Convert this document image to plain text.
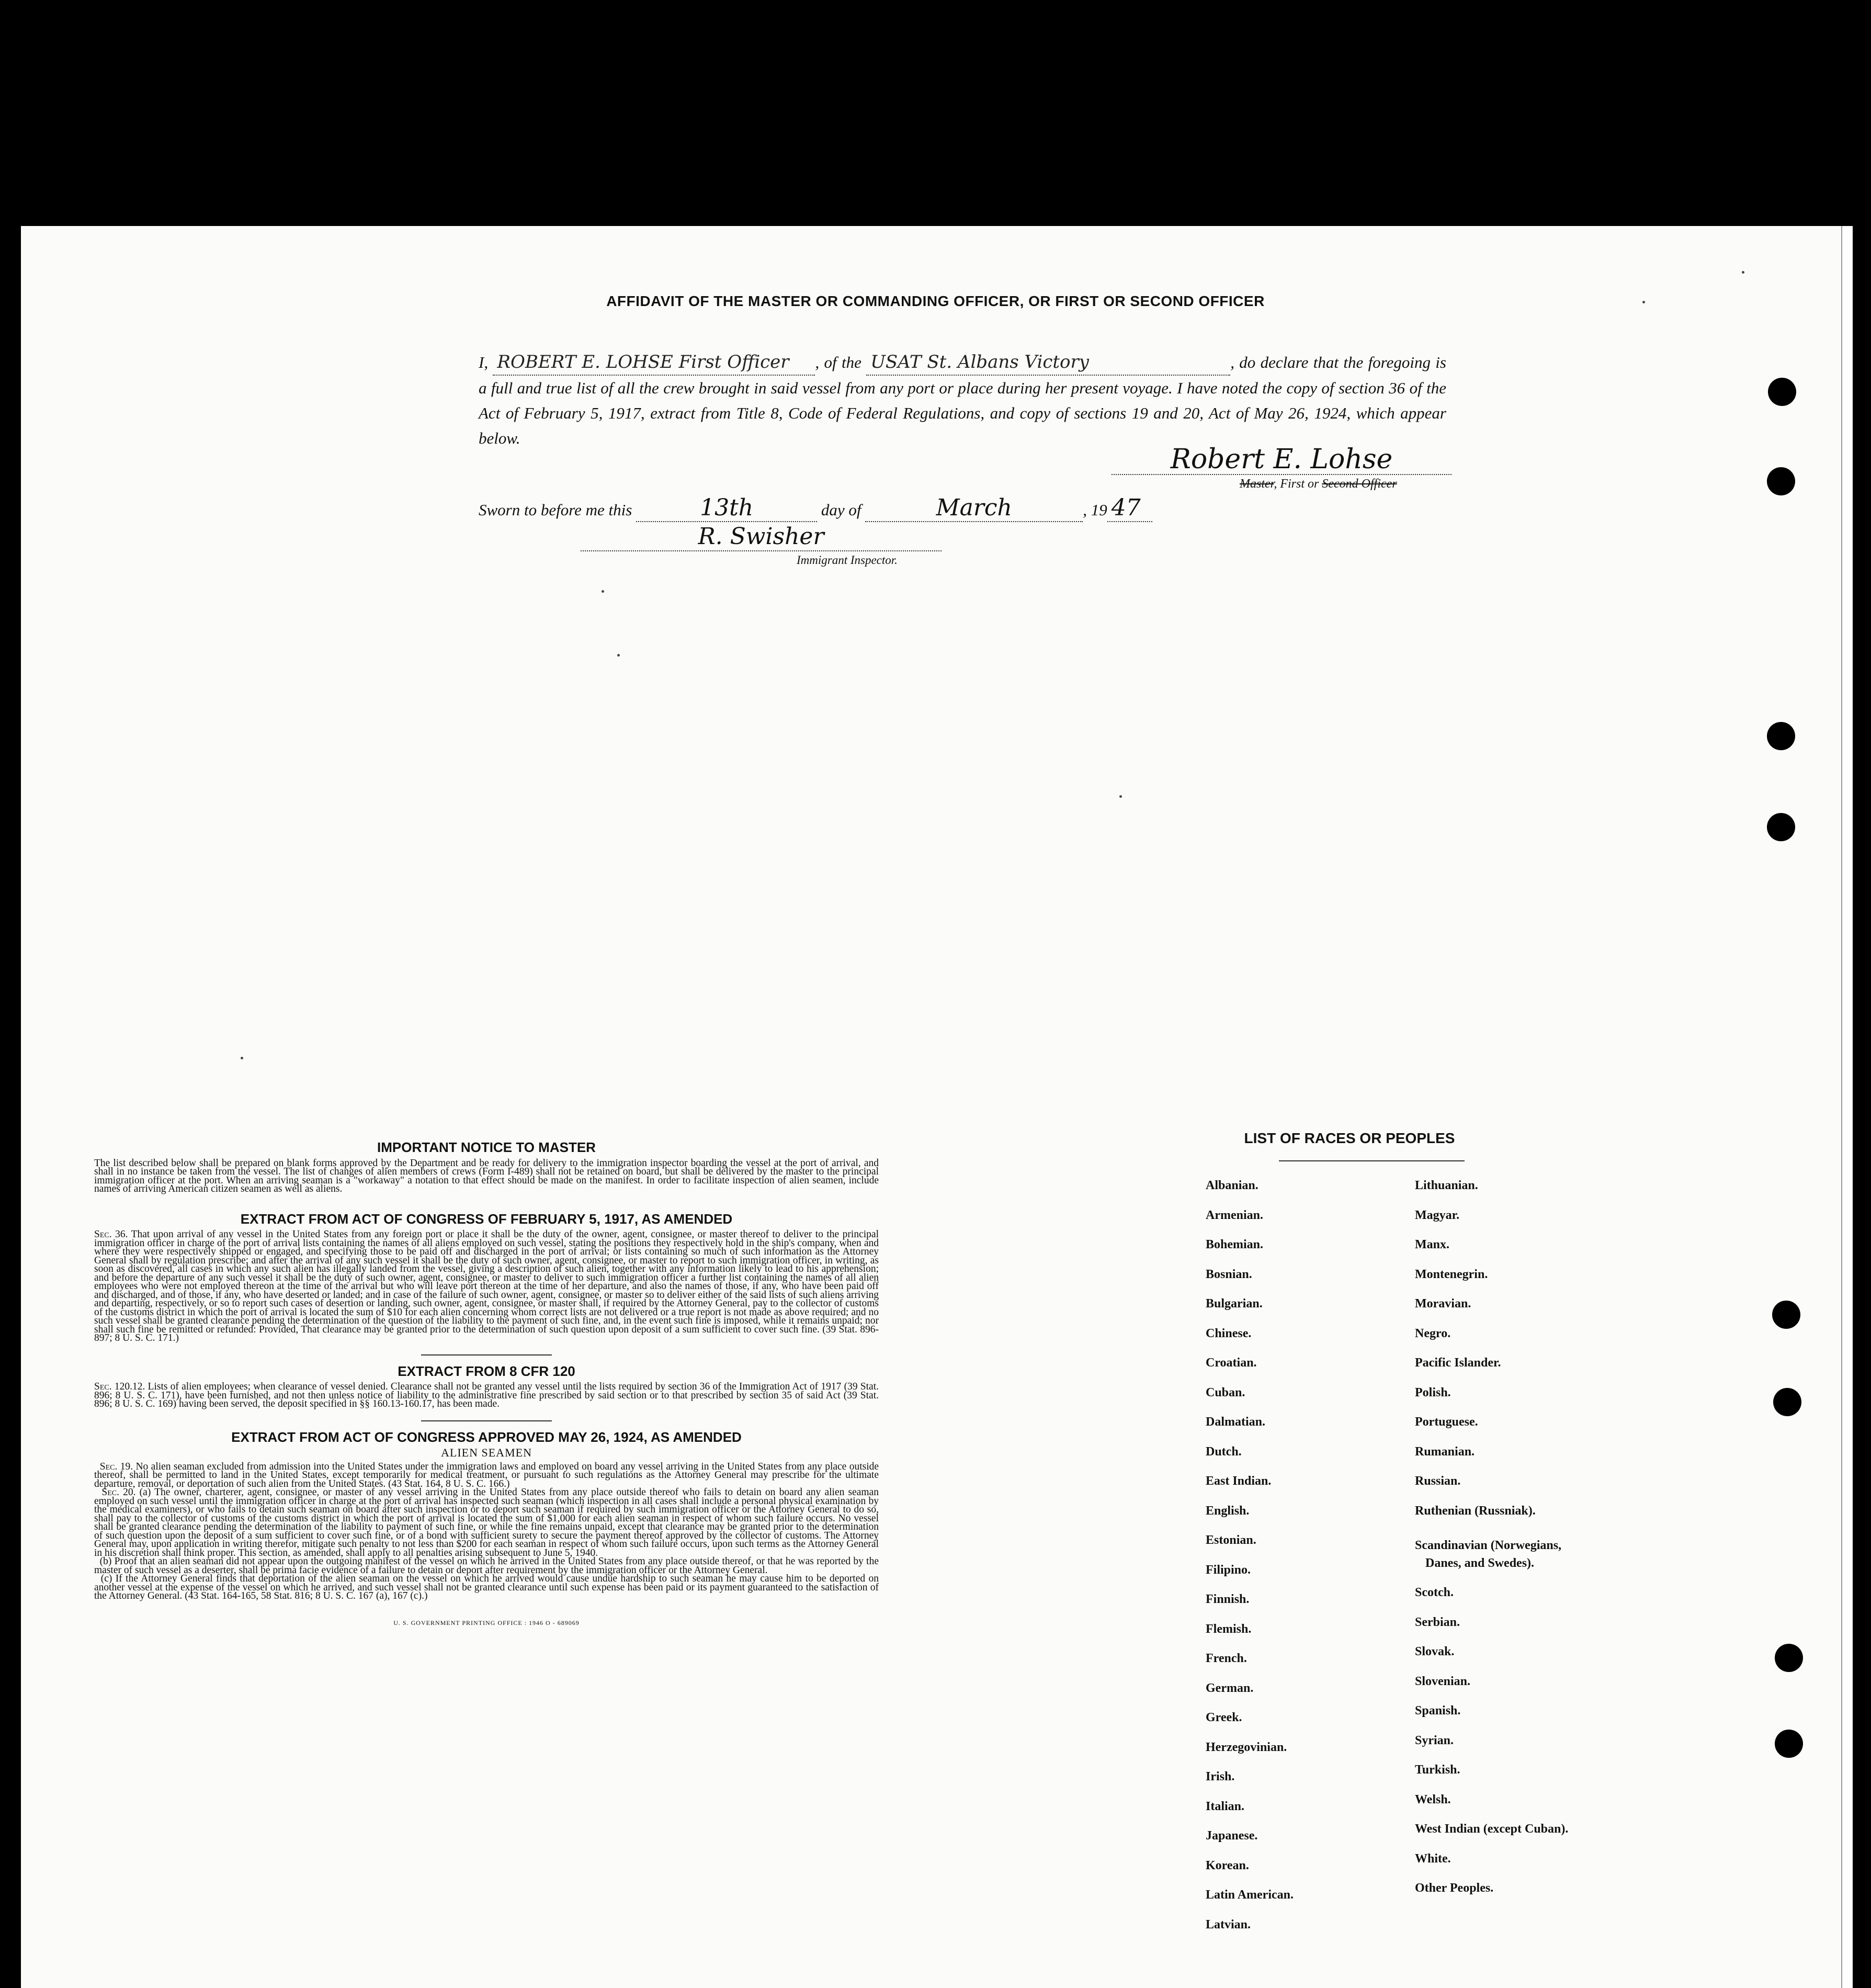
AFFIDAVIT OF THE MASTER OR COMMANDING OFFICER, OR FIRST OR SECOND OFFICER
I, ROBERT E. LOHSE First Officer , of the USAT St. Albans Victory	, do declare that the foregoing is a full and true list of all the crew brought in said vessel from any port or place during her present voyage. I have noted the copy of section 36 of the Act of February 5, 1917, extract from Title 8, Code of Federal Regulations, and copy of sections 19 and 20, Act of May 26, 1924, which appear below.
Robert E. Lohse
Master, First or Second Officer
Sworn to before me this	13th	day of	March	, 19 47
R. Swisher
Immigrant Inspector.
IMPORTANT NOTICE TO MASTER

The list described below shall be prepared on blank forms approved by the Department and be ready for delivery to the immigration inspector boarding the vessel at the port of arrival, and shall in no instance be taken from the vessel. The list of changes of alien members of crews (Form I-489) shall not be retained on board, but shall be delivered by the master to the principal immigration officer at the port. When an arriving seaman is a "workaway" a notation to that effect should be made on the manifest. In order to facilitate inspection of alien seamen, include names of arriving American citizen seamen as well as aliens.

EXTRACT FROM ACT OF CONGRESS OF FEBRUARY 5, 1917, AS AMENDED

Sec. 36. That upon arrival of any vessel in the United States from any foreign port or place it shall be the duty of the owner, agent, consignee, or master thereof to deliver to the principal immigration officer in charge of the port of arrival lists containing the names of all aliens employed on such vessel, stating the positions they respectively hold in the ship's company, when and where they were respectively shipped or engaged, and specifying those to be paid off and discharged in the port of arrival; or lists containing so much of such information as the Attorney General shall by regulation prescribe; and after the arrival of any such vessel it shall be the duty of such owner, agent, consignee, or master to report to such immigration officer, in writing, as soon as discovered, all cases in which any such alien has illegally landed from the vessel, giving a description of such alien, together with any information likely to lead to his apprehension; and before the departure of any such vessel it shall be the duty of such owner, agent, consignee, or master to deliver to such immigration officer a further list containing the names of all alien employees who were not employed thereon at the time of the arrival but who will leave port thereon at the time of her departure, and also the names of those, if any, who have been paid off and discharged, and of those, if any, who have deserted or landed; and in case of the failure of such owner, agent, consignee, or master so to deliver either of the said lists of such aliens arriving and departing, respectively, or so to report such cases of desertion or landing, such owner, agent, consignee, or master shall, if required by the Attorney General, pay to the collector of customs of the customs district in which the port of arrival is located the sum of $10 for each alien concerning whom correct lists are not delivered or a true report is not made as above required; and no such vessel shall be granted clearance pending the determination of the question of the liability to the payment of such fine, and, in the event such fine is imposed, while it remains unpaid; nor shall such fine be remitted or refunded: Provided, That clearance may be granted prior to the determination of such question upon deposit of a sum sufficient to cover such fine. (39 Stat. 896-897; 8 U. S. C. 171.)

EXTRACT FROM 8 CFR 120

Sec. 120.12. Lists of alien employees; when clearance of vessel denied. Clearance shall not be granted any vessel until the lists required by section 36 of the Immigration Act of 1917 (39 Stat. 896; 8 U. S. C. 171), have been furnished, and not then unless notice of liability to the administrative fine prescribed by said section or to that prescribed by section 35 of said Act (39 Stat. 896; 8 U. S. C. 169) having been served, the deposit specified in §§ 160.13-160.17, has been made.

EXTRACT FROM ACT OF CONGRESS APPROVED MAY 26, 1924, AS AMENDED
ALIEN SEAMEN

Sec. 19. No alien seaman excluded from admission into the United States under the immigration laws and employed on board any vessel arriving in the United States from any place outside thereof, shall be permitted to land in the United States, except temporarily for medical treatment, or pursuant to such regulations as the Attorney General may prescribe for the ultimate departure, removal, or deportation of such alien from the United States. (43 Stat. 164, 8 U. S. C. 166.)

Sec. 20. (a) The owner, charterer, agent, consignee, or master of any vessel arriving in the United States from any place outside thereof who fails to detain on board any alien seaman employed on such vessel until the immigration officer in charge at the port of arrival has inspected such seaman (which inspection in all cases shall include a personal physical examination by the medical examiners), or who fails to detain such seaman on board after such inspection or to deport such seaman if required by such immigration officer or the Attorney General to do so, shall pay to the collector of customs of the customs district in which the port of arrival is located the sum of $1,000 for each alien seaman in respect of whom such failure occurs. No vessel shall be granted clearance pending the determination of the liability to payment of such fine, or while the fine remains unpaid, except that clearance may be granted prior to the determination of such question upon the deposit of a sum sufficient to cover such fine, or of a bond with sufficient surety to secure the payment thereof approved by the collector of customs. The Attorney General may, upon application in writing therefor, mitigate such penalty to not less than $200 for each seaman in respect of whom such failure occurs, upon such terms as the Attorney General in his discretion shall think proper. This section, as amended, shall apply to all penalties arising subsequent to June 5, 1940.

(b) Proof that an alien seaman did not appear upon the outgoing manifest of the vessel on which he arrived in the United States from any place outside thereof, or that he was reported by the master of such vessel as a deserter, shall be prima facie evidence of a failure to detain or deport after requirement by the immigration officer or the Attorney General.

(c) If the Attorney General finds that deportation of the alien seaman on the vessel on which he arrived would cause undue hardship to such seaman he may cause him to be deported on another vessel at the expense of the vessel on which he arrived, and such vessel shall not be granted clearance until such expense has been paid or its payment guaranteed to the satisfaction of the Attorney General. (43 Stat. 164-165, 58 Stat. 816; 8 U. S. C. 167 (a), 167 (c).)

U. S. GOVERNMENT PRINTING OFFICE : 1946 O - 689069
LIST OF RACES OR PEOPLES
Albanian.
Armenian.
Bohemian.
Bosnian.
Bulgarian.
Chinese.
Croatian.
Cuban.
Dalmatian.
Dutch.
East Indian.
English.
Estonian.
Filipino.
Finnish.
Flemish.
French.
German.
Greek.
Herzegovinian.
Irish.
Italian.
Japanese.
Korean.
Latin American.
Latvian.
Lithuanian.
Magyar.
Manx.
Montenegrin.
Moravian.
Negro.
Pacific Islander.
Polish.
Portuguese.
Rumanian.
Russian.
Ruthenian (Russniak).
Scandinavian (Norwegians,
Danes, and Swedes).
Scotch.
Serbian.
Slovak.
Slovenian.
Spanish.
Syrian.
Turkish.
Welsh.
West Indian (except Cuban).
White.
Other Peoples.
